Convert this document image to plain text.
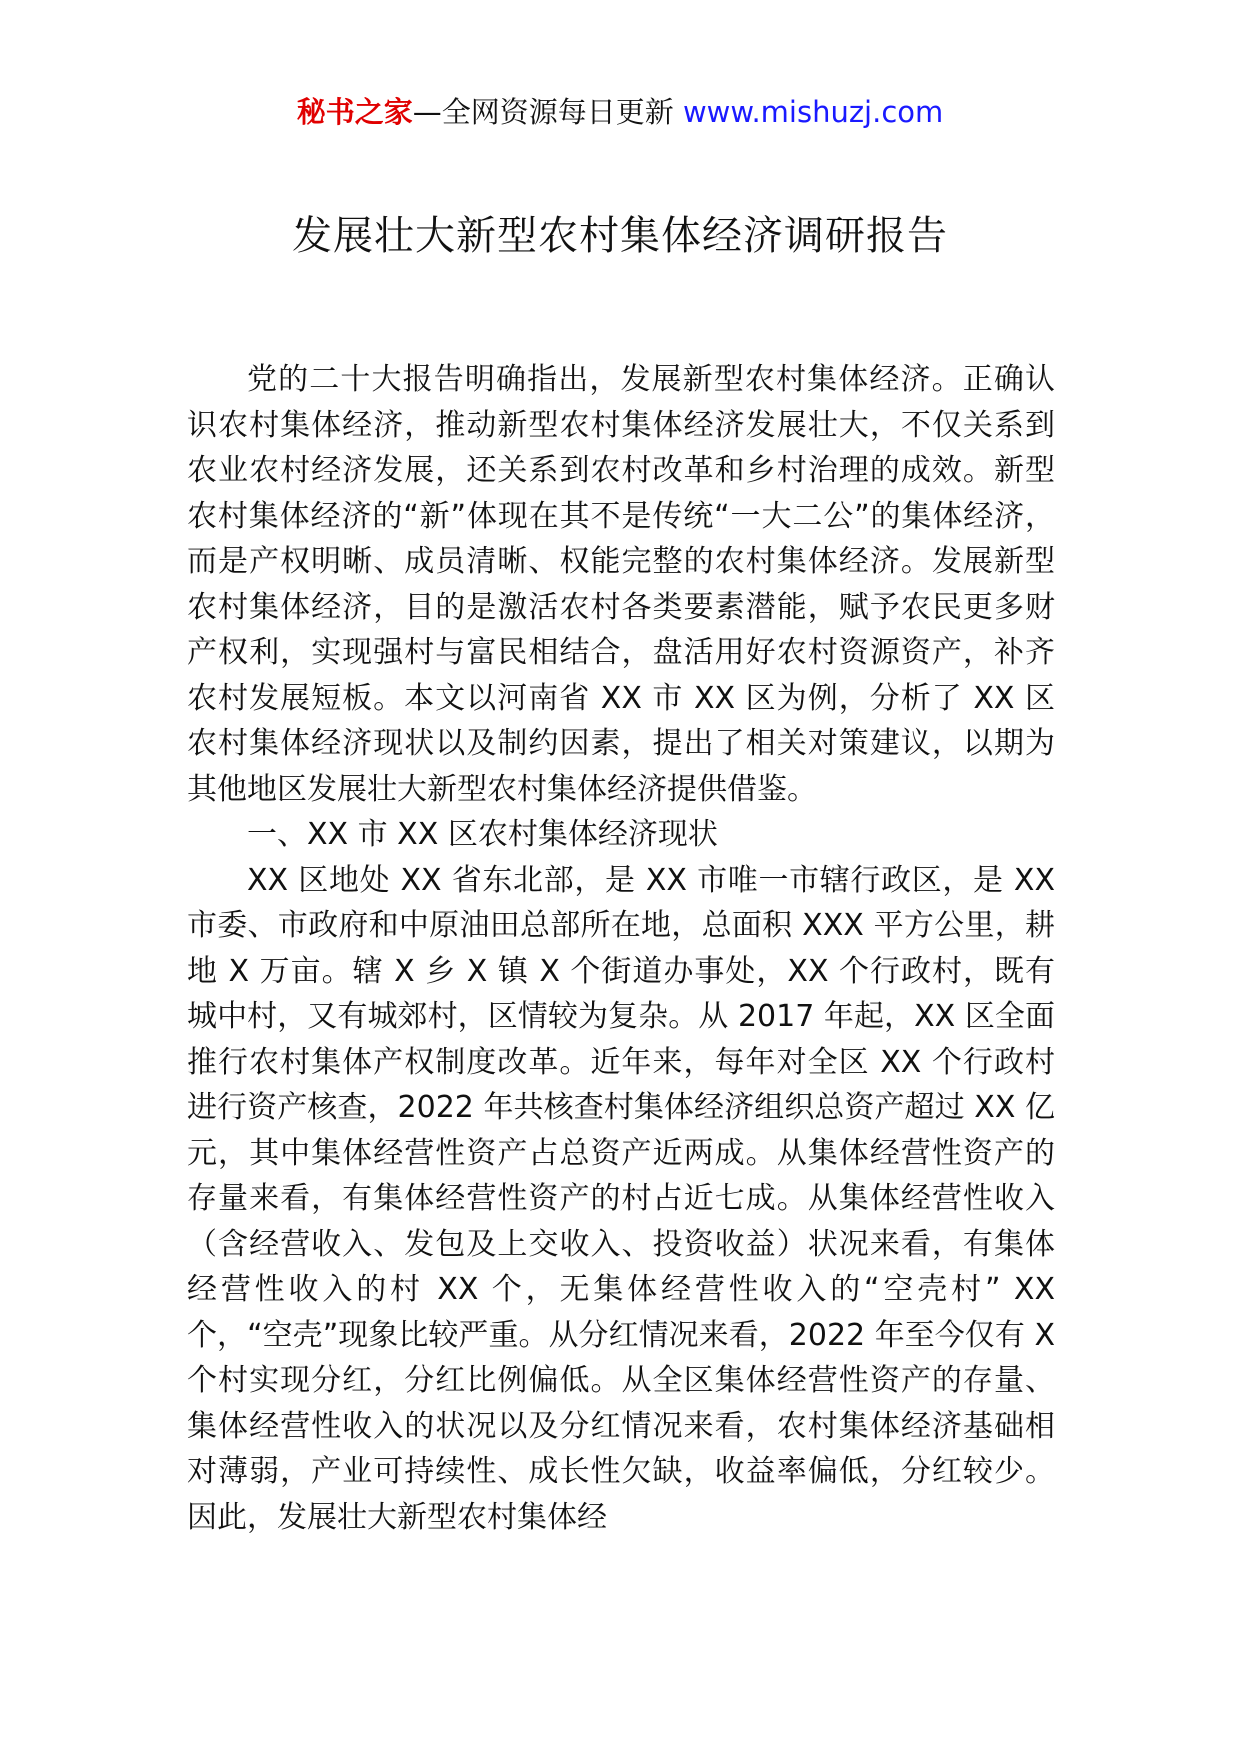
秘书之家—全网资源每日更新 www.mishuzj.com
发展壮大新型农村集体经济调研报告

党的二十大报告明确指出，发展新型农村集体经济。正确认识农村集体经济，推动新型农村集体经济发展壮大，不仅关系到农业农村经济发展，还关系到农村改革和乡村治理的成效。新型农村集体经济的“新”体现在其不是传统“一大二公”的集体经济，而是产权明晰、成员清晰、权能完整的农村集体经济。发展新型农村集体经济，目的是激活农村各类要素潜能，赋予农民更多财产权利，实现强村与富民相结合，盘活用好农村资源资产，补齐农村发展短板。本文以河南省 XX 市 XX 区为例，分析了 XX 区农村集体经济现状以及制约因素，提出了相关对策建议，以期为其他地区发展壮大新型农村集体经济提供借鉴。

一、XX 市 XX 区农村集体经济现状

XX 区地处 XX 省东北部，是 XX 市唯一市辖行政区，是 XX 市委、市政府和中原油田总部所在地，总面积 XXX 平方公里，耕地 X 万亩。辖 X 乡 X 镇 X 个街道办事处，XX 个行政村，既有城中村，又有城郊村，区情较为复杂。从 2017 年起，XX 区全面推行农村集体产权制度改革。近年来，每年对全区 XX 个行政村进行资产核查，2022 年共核查村集体经济组织总资产超过 XX 亿元，其中集体经营性资产占总资产近两成。从集体经营性资产的存量来看，有集体经营性资产的村占近七成。从集体经营性收入（含经营收入、发包及上交收入、投资收益）状况来看，有集体经营性收入的村 XX 个，无集体经营性收入的“空壳村” XX 个，“空壳”现象比较严重。从分红情况来看，2022 年至今仅有 X 个村实现分红，分红比例偏低。从全区集体经营性资产的存量、集体经营性收入的状况以及分红情况来看，农村集体经济基础相对薄弱，产业可持续性、成长性欠缺，收益率偏低，分红较少。因此，发展壮大新型农村集体经
